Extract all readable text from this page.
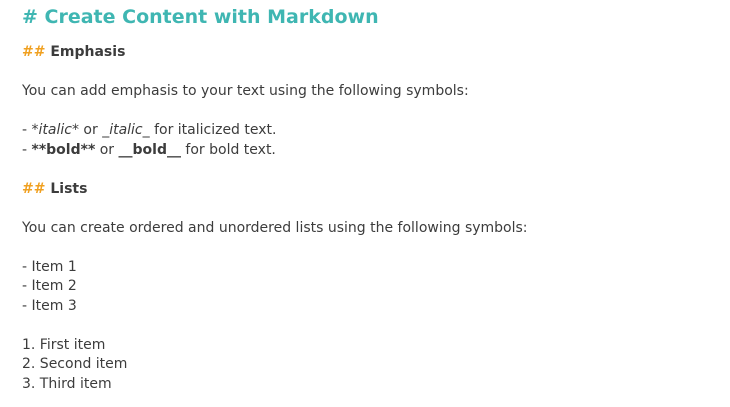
# Create Content with Markdown
## Emphasis
You can add emphasis to your text using the following symbols:
- *italic* or _italic_ for italicized text.
- **bold** or __bold__ for bold text.
## Lists
You can create ordered and unordered lists using the following symbols:
- Item 1
- Item 2
- Item 3
1. First item
2. Second item
3. Third item
